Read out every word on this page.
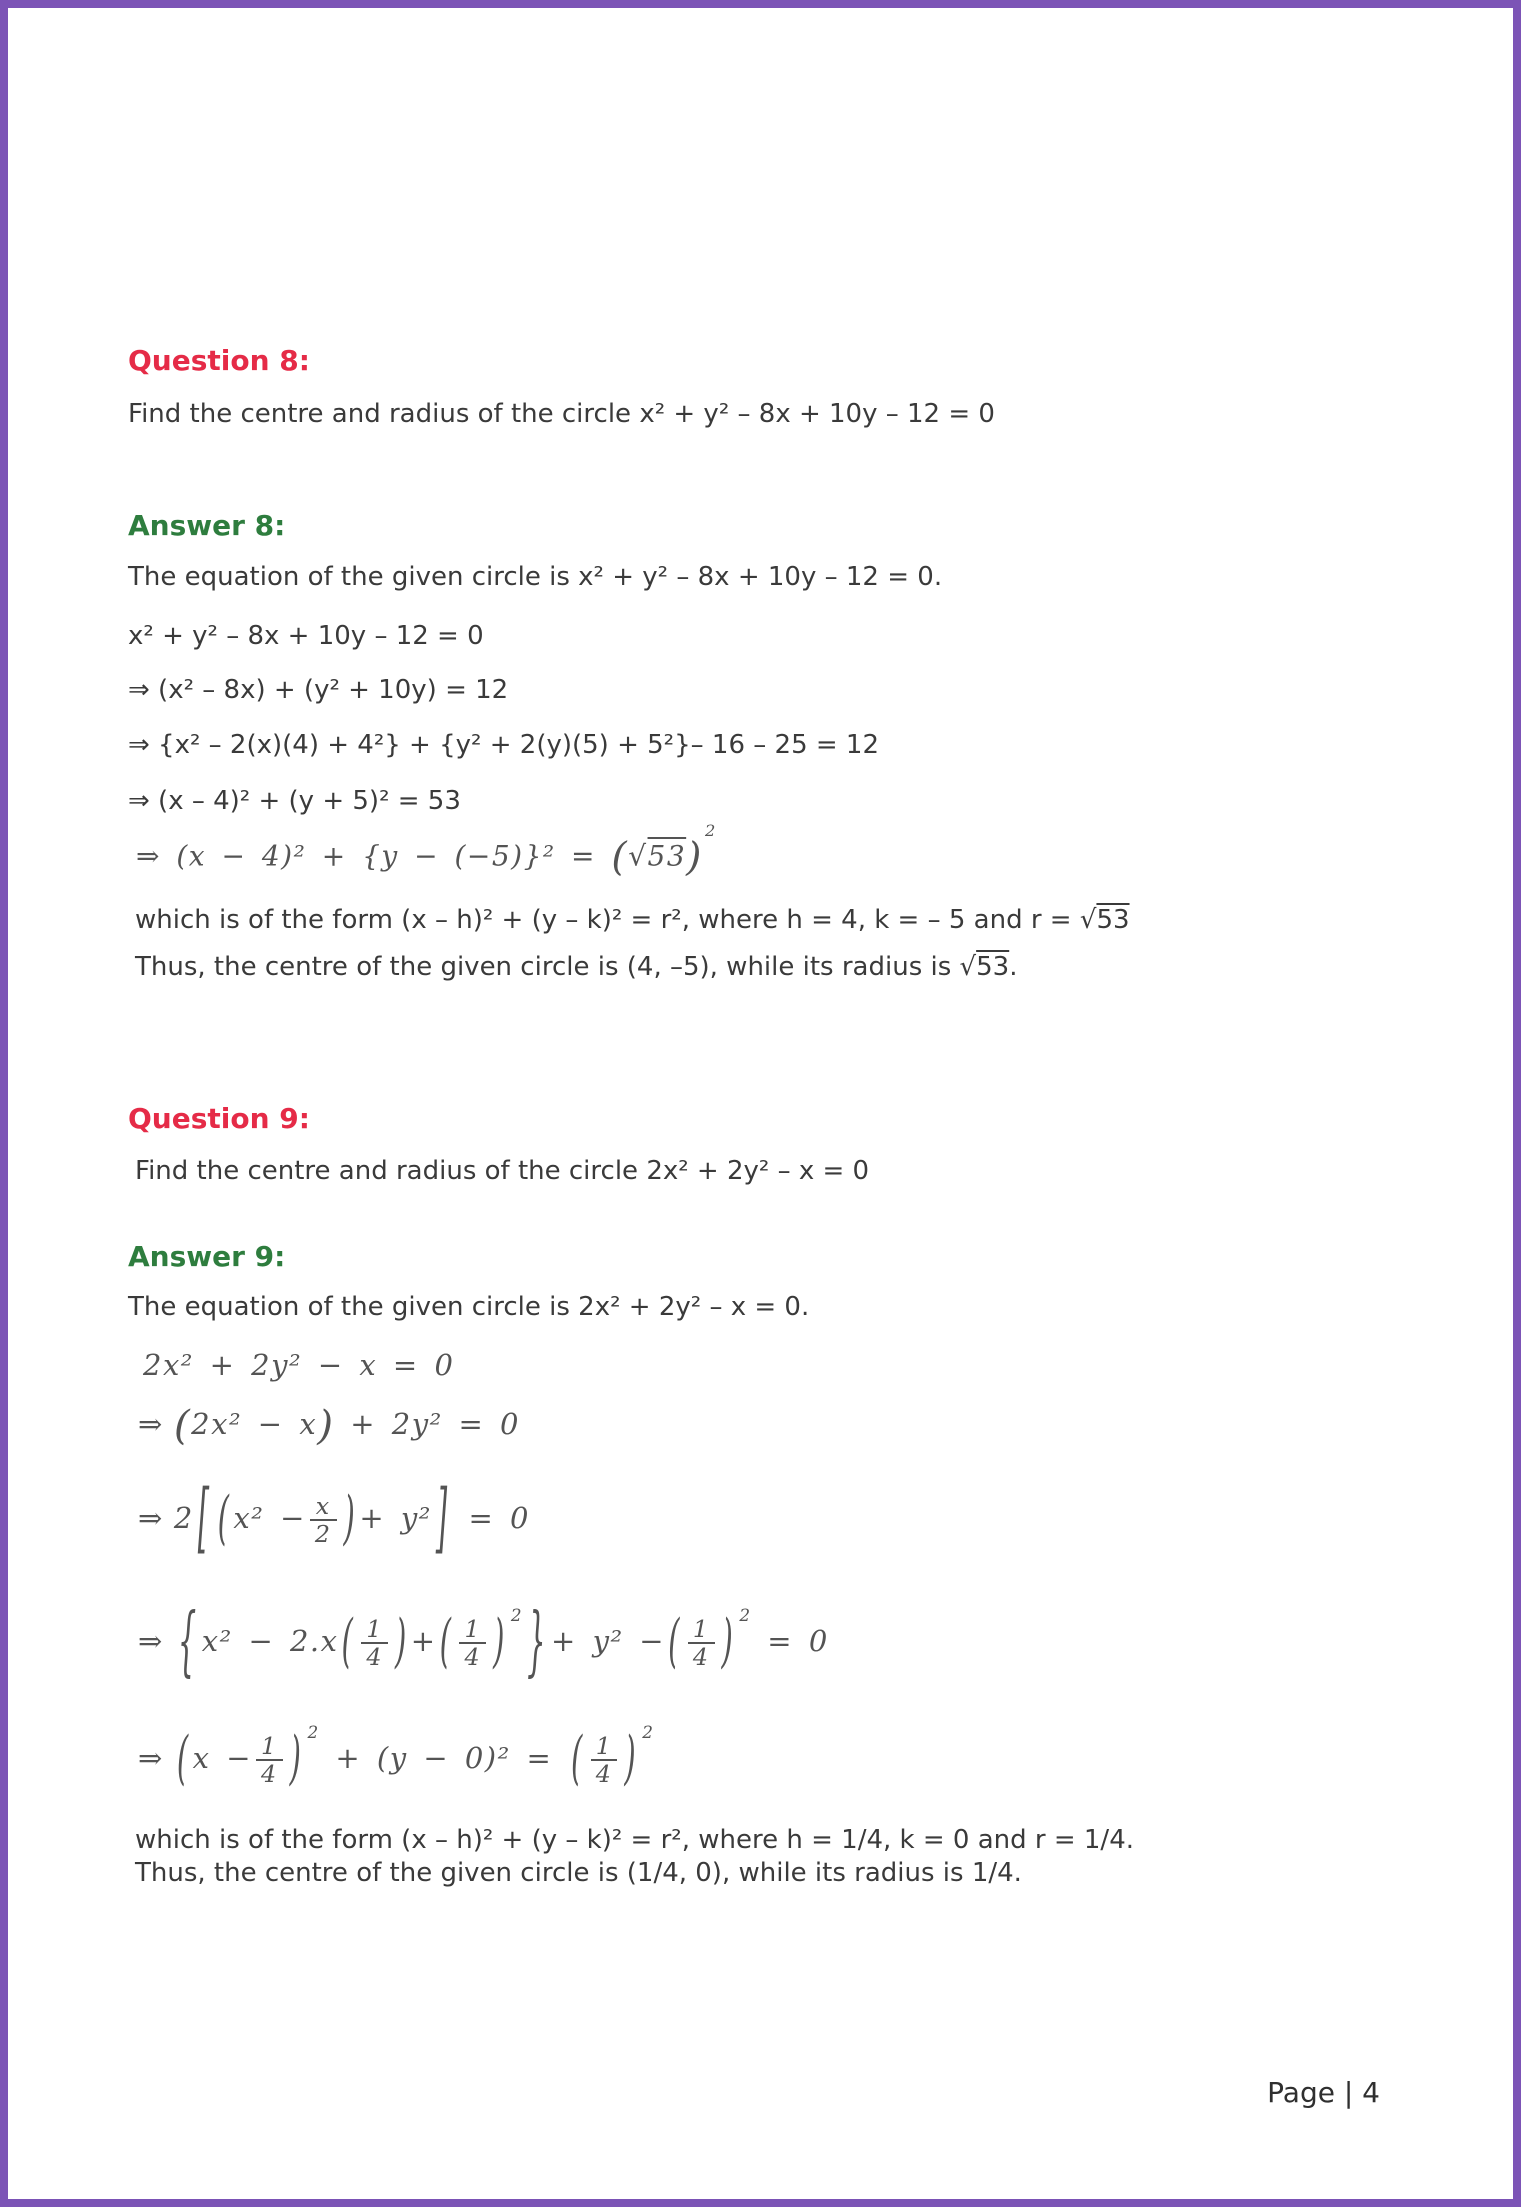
Question 8:
Find the centre and radius of the circle x² + y² – 8x + 10y – 12 = 0
Answer 8:
The equation of the given circle is x² + y² – 8x + 10y – 12 = 0.
x² + y² – 8x + 10y – 12 = 0
⇒ (x² – 8x) + (y² + 10y) = 12
⇒ {x² – 2(x)(4) + 4²} + {y² + 2(y)(5) + 5²}– 16 – 25 = 12
⇒ (x – 4)² + (y + 5)² = 53
⇒ $(x - 4)^2 + \{y - (-5)\}^2 = (√53)^2$
which is of the form (x – h)² + (y – k)² = r², where h = 4, k = – 5 and r = √53
Thus, the centre of the given circle is (4, –5), while its radius is √53.
Question 9:
Find the centre and radius of the circle 2x² + 2y² – x = 0
Answer 9:
The equation of the given circle is 2x² + 2y² – x = 0.
2x² + 2y² − x = 0
⇒ (2x² − x) + 2y² = 0
⇒ 2 [ ( $x^2 - \frac{x}{2}$ ) + y² ] = 0
⇒ { x² − 2.x ( $\frac{1}{4}$ ) + ( $\frac{1}{4}$ ) $^2$ } + y² − ( $\frac{1}{4}$ ) $^2$ = 0
⇒ ( $x - \frac{1}{4}$ ) $^2$ + (y − 0)² = ( $\frac{1}{4}$ ) $^2$
which is of the form (x – h)² + (y – k)² = r², where h = 1/4, k = 0 and r = 1/4.
Thus, the centre of the given circle is (1/4, 0), while its radius is 1/4.
Page | 4
